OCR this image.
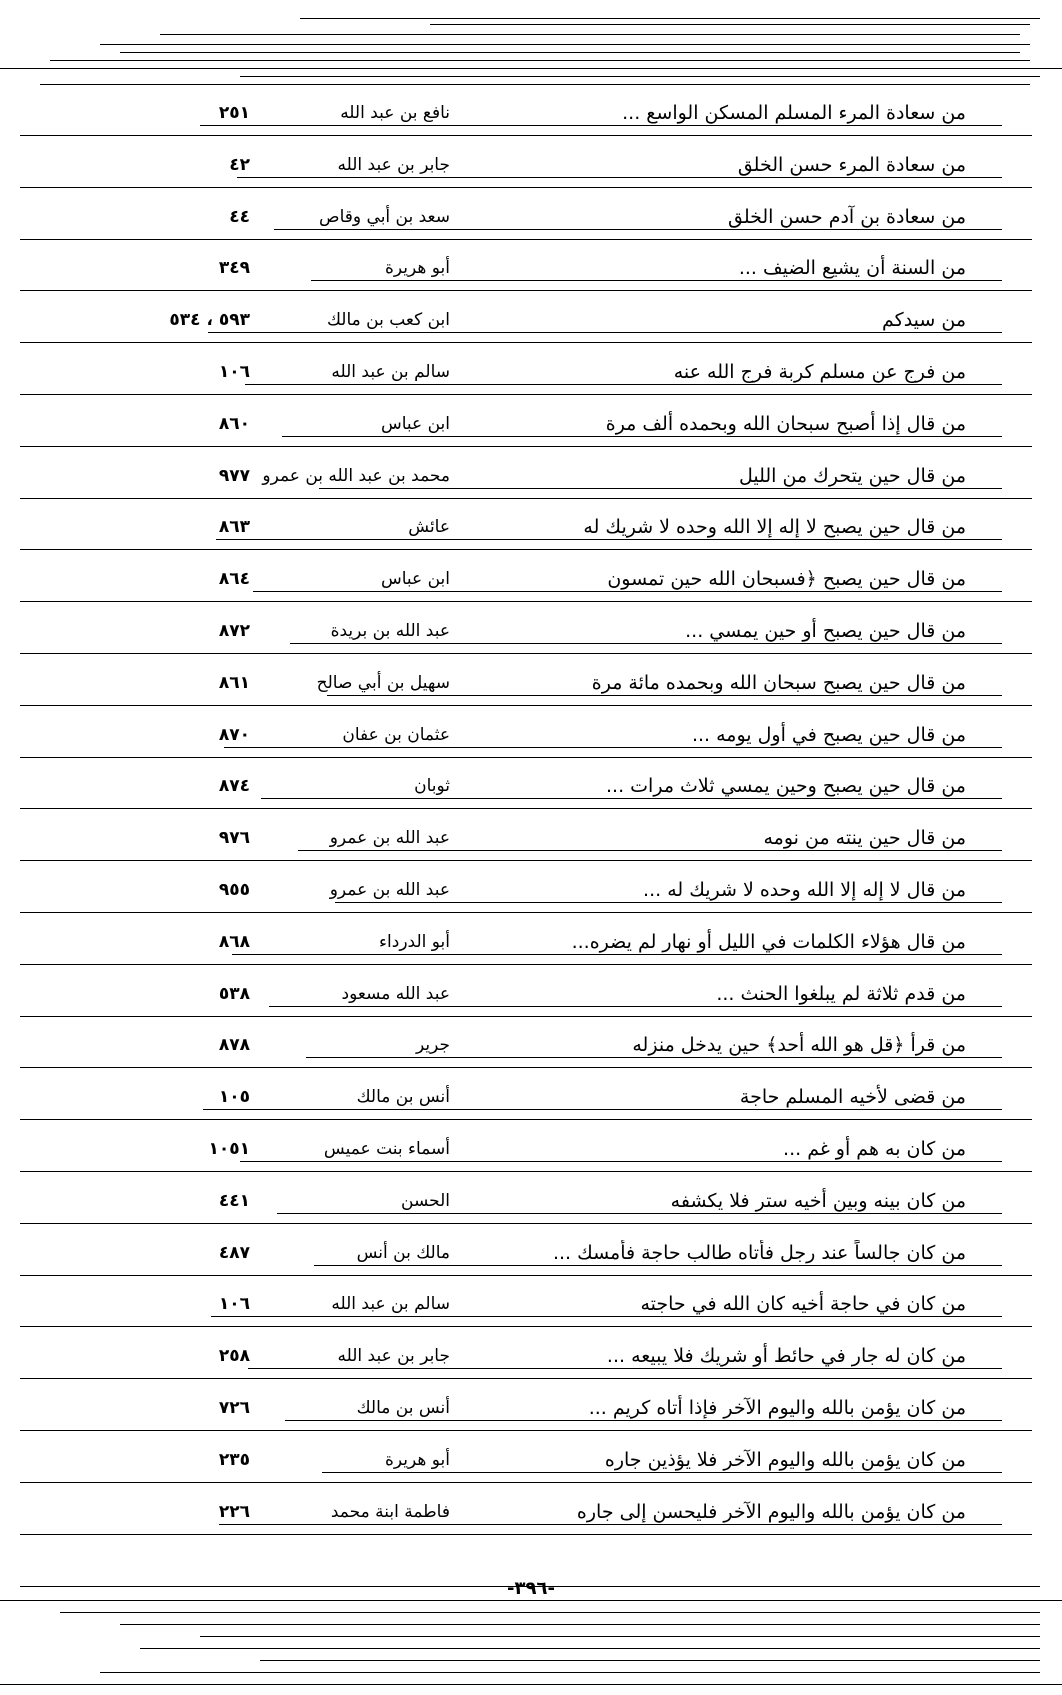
من سعادة المرء المسلم المسكن الواسع ...
نافع بن عبد الله
٢٥١
من سعادة المرء حسن الخلق
جابر بن عبد الله
٤٢
من سعادة بن آدم حسن الخلق
سعد بن أبي وقاص
٤٤
من السنة أن يشيع الضيف ...
أبو هريرة
٣٤٩
من سيدكم
ابن كعب بن مالك
٥٩٣ ، ٥٣٤
من فرج عن مسلم كربة فرج الله عنه
سالم بن عبد الله
١٠٦
من قال إذا أصبح سبحان الله وبحمده ألف مرة
ابن عباس
٨٦٠
من قال حين يتحرك من الليل
محمد بن عبد الله بن عمرو
٩٧٧
من قال حين يصبح لا إله إلا الله وحده لا شريك له
عائش
٨٦٣
من قال حين يصبح ﴿فسبحان الله حين تمسون
ابن عباس
٨٦٤
من قال حين يصبح أو حين يمسي ...
عبد الله بن بريدة
٨٧٢
من قال حين يصبح سبحان الله وبحمده مائة مرة
سهيل بن أبي صالح
٨٦١
من قال حين يصبح في أول يومه ...
عثمان بن عفان
٨٧٠
من قال حين يصبح وحين يمسي ثلاث مرات ...
ثوبان
٨٧٤
من قال حين ينته من نومه
عبد الله بن عمرو
٩٧٦
من قال لا إله إلا الله وحده لا شريك له ...
عبد الله بن عمرو
٩٥٥
من قال هؤلاء الكلمات في الليل أو نهار لم يضره...
أبو الدرداء
٨٦٨
من قدم ثلاثة لم يبلغوا الحنث ...
عبد الله مسعود
٥٣٨
من قرأ ﴿قل هو الله أحد﴾ حين يدخل منزله
جرير
٨٧٨
من قضى لأخيه المسلم حاجة
أنس بن مالك
١٠٥
من كان به هم أو غم ...
أسماء بنت عميس
١٠٥١
من كان بينه وبين أخيه ستر فلا يكشفه
الحسن
٤٤١
من كان جالساً عند رجل فأتاه طالب حاجة فأمسك ...
مالك بن أنس
٤٨٧
من كان في حاجة أخيه كان الله في حاجته
سالم بن عبد الله
١٠٦
من كان له جار في حائط أو شريك فلا يبيعه ...
جابر بن عبد الله
٢٥٨
من كان يؤمن بالله واليوم الآخر فإذا أتاه كريم ...
أنس بن مالك
٧٢٦
من كان يؤمن بالله واليوم الآخر فلا يؤذين جاره
أبو هريرة
٢٣٥
من كان يؤمن بالله واليوم الآخر فليحسن إلى جاره
فاطمة ابنة محمد
٢٢٦
-٣٩٦-
